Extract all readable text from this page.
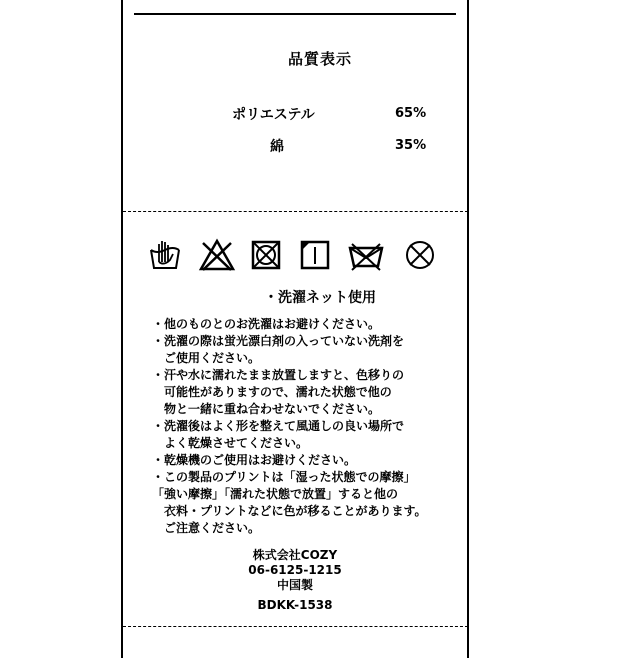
品質表示
ポリエステル	65%
綿	35%
・洗濯ネット使用
・他のものとのお洗濯はお避けください。
・洗濯の際は蛍光漂白剤の入っていない洗剤を
　ご使用ください。
・汗や水に濡れたまま放置しますと、色移りの
　可能性がありますので、濡れた状態で他の
　物と一緒に重ね合わせないでください。
・洗濯後はよく形を整えて風通しの良い場所で
　よく乾燥させてください。
・乾燥機のご使用はお避けください。
・この製品のプリントは「湿った状態での摩擦」
「強い摩擦」「濡れた状態で放置」すると他の
　衣料・プリントなどに色が移ることがあります。
　ご注意ください。
株式会社COZY
06-6125-1215
中国製
BDKK-1538
